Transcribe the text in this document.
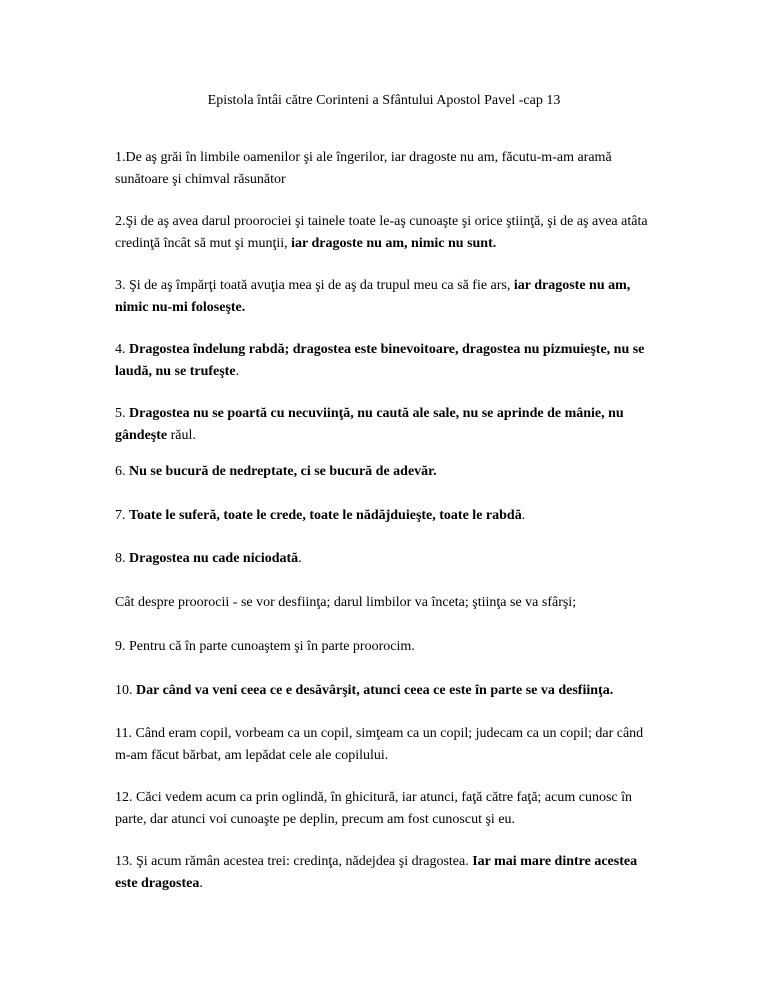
Epistola întâi către Corinteni a Sfântului Apostol Pavel -cap 13
1.De aş grăi în limbile oamenilor şi ale îngerilor, iar dragoste nu am, făcutu-m-am aramă sunătoare şi chimval răsunător
2.Şi de aş avea darul proorociei şi tainele toate le-aş cunoaşte şi orice ştiinţă, şi de aş avea atâta credinţă încât să mut şi munţii, iar dragoste nu am, nimic nu sunt.
3. Şi de aş împărţi toată avuţia mea şi de aş da trupul meu ca să fie ars, iar dragoste nu am, nimic nu-mi foloseşte.
4. Dragostea îndelung rabdă; dragostea este binevoitoare, dragostea nu pizmuieşte, nu se laudă, nu se trufeşte.
5. Dragostea nu se poartă cu necuviinţă, nu caută ale sale, nu se aprinde de mânie, nu gândeşte răul.
6. Nu se bucură de nedreptate, ci se bucură de adevăr.
7. Toate le suferă, toate le crede, toate le nădăjduieşte, toate le rabdă.
8. Dragostea nu cade niciodată.
Cât despre proorocii - se vor desfiinţa; darul limbilor va înceta; ştiinţa se va sfârşi;
9. Pentru că în parte cunoaştem şi în parte proorocim.
10. Dar când va veni ceea ce e desăvârşit, atunci ceea ce este în parte se va desfiinţa.
11. Când eram copil, vorbeam ca un copil, simţeam ca un copil; judecam ca un copil; dar când m-am făcut bărbat, am lepădat cele ale copilului.
12. Căci vedem acum ca prin oglindă, în ghicitură, iar atunci, faţă către faţă; acum cunosc în parte, dar atunci voi cunoaşte pe deplin, precum am fost cunoscut şi eu.
13. Şi acum rămân acestea trei: credinţa, nădejdea şi dragostea. Iar mai mare dintre acestea este dragostea.
